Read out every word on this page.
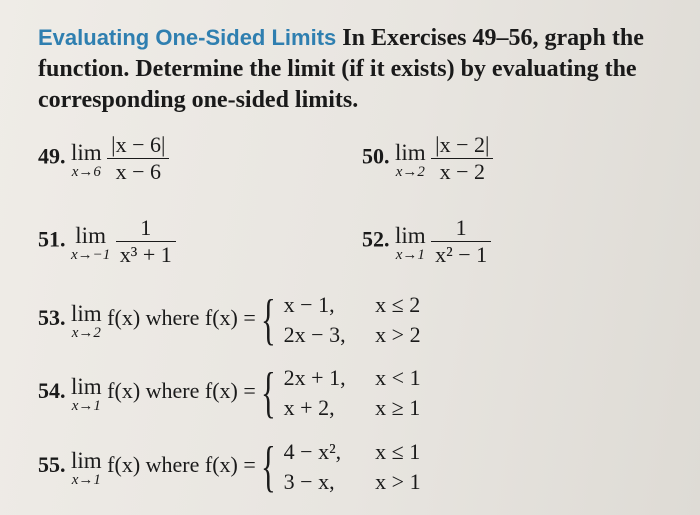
Evaluating One-Sided Limits In Exercises 49–56, graph the function. Determine the limit (if it exists) by evaluating the corresponding one-sided limits.
49. lim
x→6
$\frac{|x - 6|}{x - 6}$	50. lim
x→2
$\frac{|x - 2|}{x - 2}$
51. lim
x→−1
$\frac{1}{\text{x³ + 1}}$	52. lim
x→1
$\frac{1}{\text{x² − 1}}$
53. lim
x→2
f(x) where f(x) = { x − 1, x ≤ 2
2x − 3, x > 2
54. lim
x→1
f(x) where f(x) = { 2x + 1, x < 1
x + 2, x ≥ 1
55. lim
x→1
f(x) where f(x) = { 4 − x², x ≤ 1
3 − x, x > 1
